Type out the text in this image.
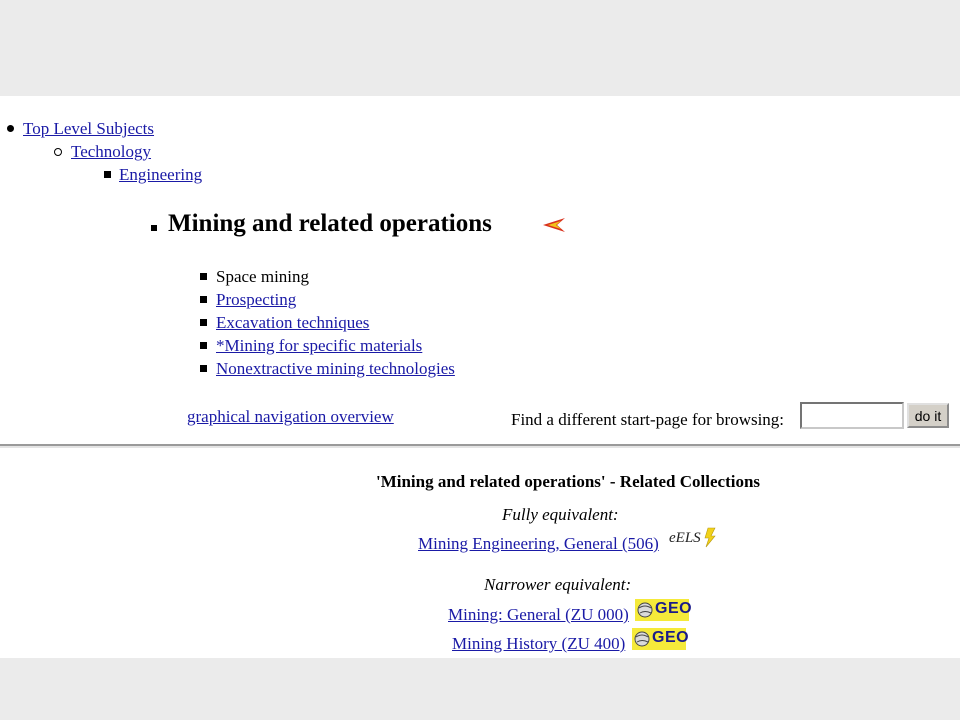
Top Level Subjects
Technology
Engineering
Mining and related operations
Space mining
Prospecting
Excavation techniques
*Mining for specific materials
Nonextractive mining technologies
graphical navigation overview	Find a different start-page for browsing:	do it
'Mining and related operations' - Related Collections
Fully equivalent:
Mining Engineering, General (506) eELS
Narrower equivalent:
Mining: General (ZU 000) GEO
Mining History (ZU 400) GEO
